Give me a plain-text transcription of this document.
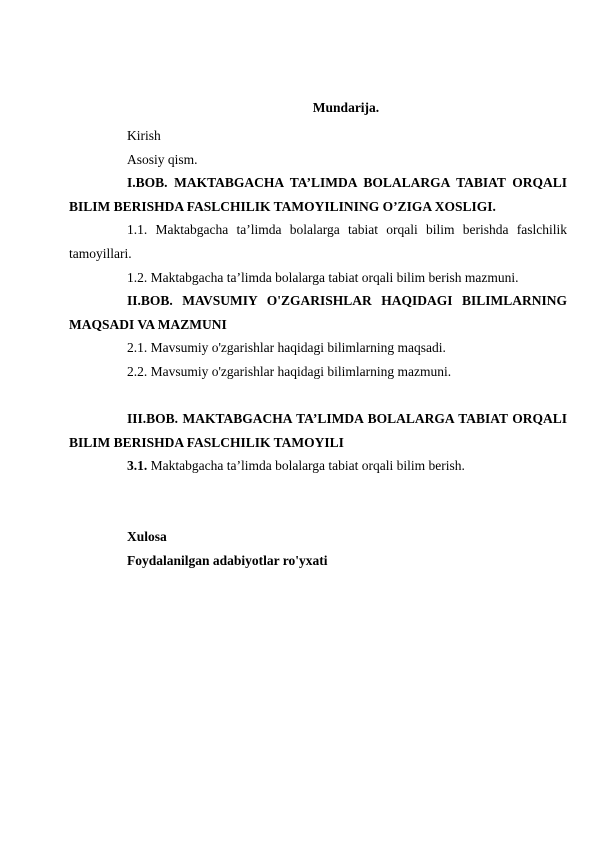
Mundarija.

Kirish

Asosiy qism.

I.BOB. MAKTABGACHA TA’LIMDA BOLALARGA TABIAT ORQALI BILIM BERISHDA FASLCHILIK TAMOYILINING O’ZIGA XOSLIGI.

1.1. Maktabgacha ta’limda bolalarga tabiat orqali bilim berishda faslchilik tamoyillari.

1.2. Maktabgacha ta’limda bolalarga tabiat orqali bilim berish mazmuni.

II.BOB. MAVSUMIY O'ZGARISHLAR HAQIDAGI BILIMLARNING MAQSADI VA MAZMUNI

2.1. Mavsumiy o'zgarishlar haqidagi bilimlarning maqsadi.

2.2. Mavsumiy o'zgarishlar haqidagi bilimlarning mazmuni.

III.BOB. MAKTABGACHA TA’LIMDA BOLALARGA TABIAT ORQALI BILIM BERISHDA FASLCHILIK TAMOYILI

3.1. Maktabgacha ta’limda bolalarga tabiat orqali bilim berish.

Xulosa

Foydalanilgan adabiyotlar ro'yxati
